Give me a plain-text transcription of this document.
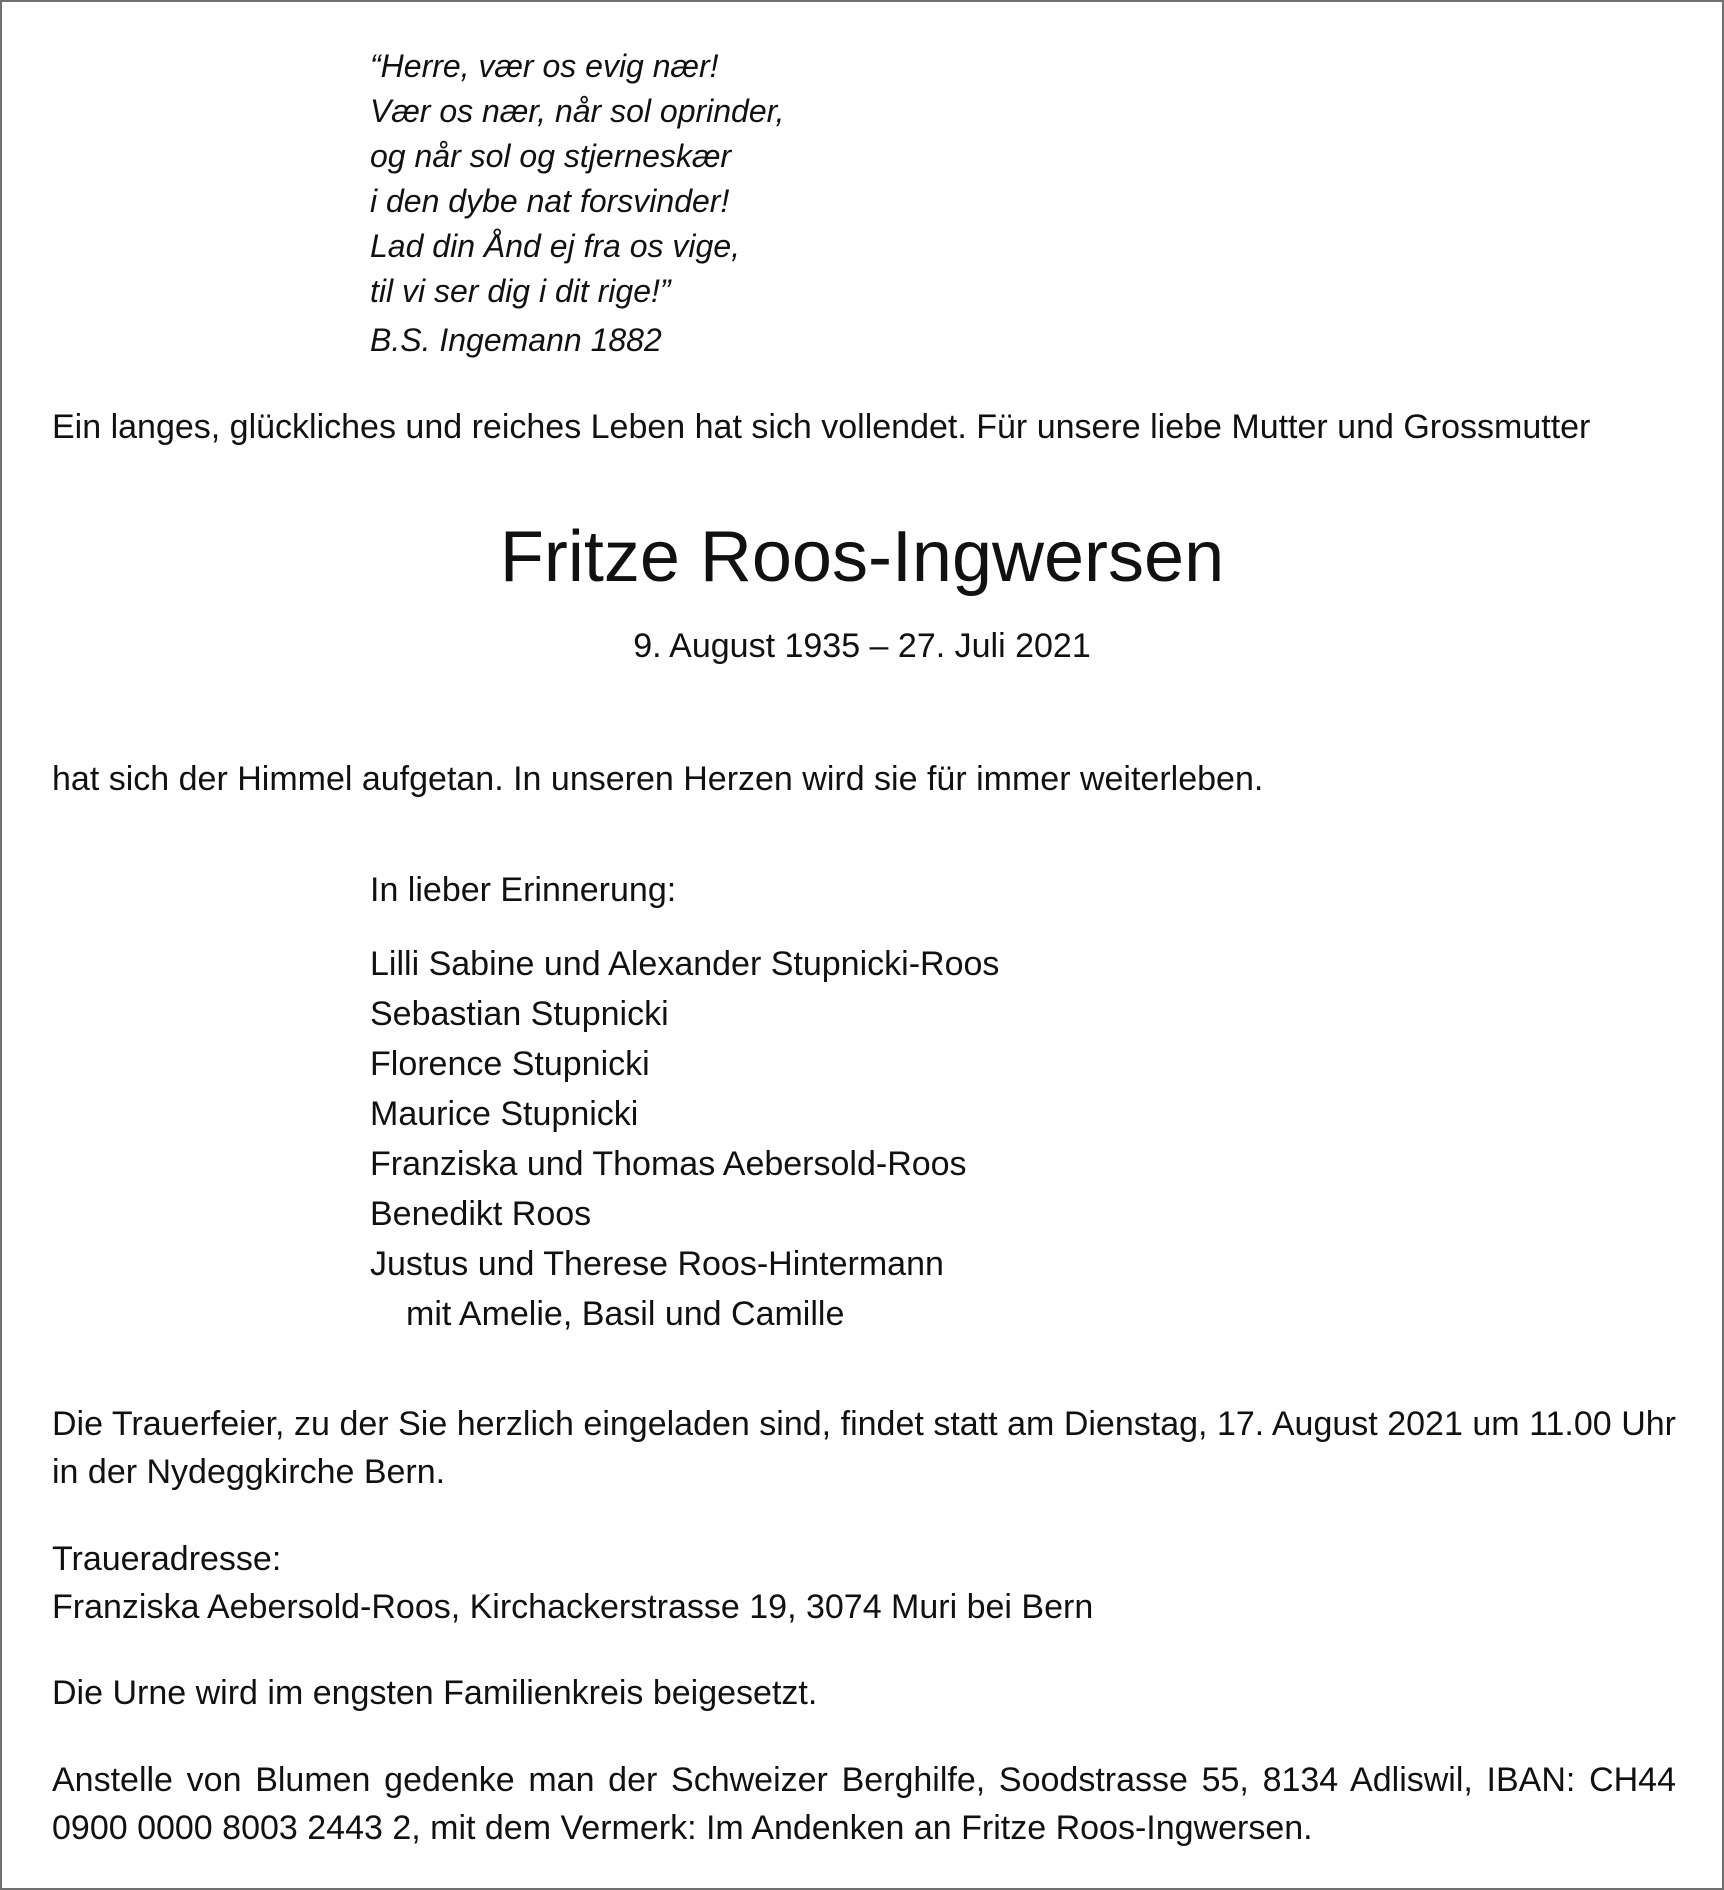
“Herre, vær os evig nær!
Vær os nær, når sol oprinder,
og når sol og stjerneskær
i den dybe nat forsvinder!
Lad din Ånd ej fra os vige,
til vi ser dig i dit rige!”
B.S. Ingemann 1882
Ein langes, glückliches und reiches Leben hat sich vollendet. Für unsere liebe Mutter und Grossmutter
Fritze Roos-Ingwersen
9. August 1935 – 27. Juli 2021
hat sich der Himmel aufgetan. In unseren Herzen wird sie für immer weiterleben.
In lieber Erinnerung:
Lilli Sabine und Alexander Stupnicki-Roos
Sebastian Stupnicki
Florence Stupnicki
Maurice Stupnicki
Franziska und Thomas Aebersold-Roos
Benedikt Roos
Justus und Therese Roos-Hintermann
mit Amelie, Basil und Camille
Die Trauerfeier, zu der Sie herzlich eingeladen sind, findet statt am Dienstag, 17. August 2021 um 11.00 Uhr in der Nydeggkirche Bern.
Traueradresse:
Franziska Aebersold-Roos, Kirchackerstrasse 19, 3074 Muri bei Bern
Die Urne wird im engsten Familienkreis beigesetzt.
Anstelle von Blumen gedenke man der Schweizer Berghilfe, Soodstrasse 55, 8134 Adliswil, IBAN: CH44 0900 0000 8003 2443 2, mit dem Vermerk: Im Andenken an Fritze Roos-Ingwersen.
